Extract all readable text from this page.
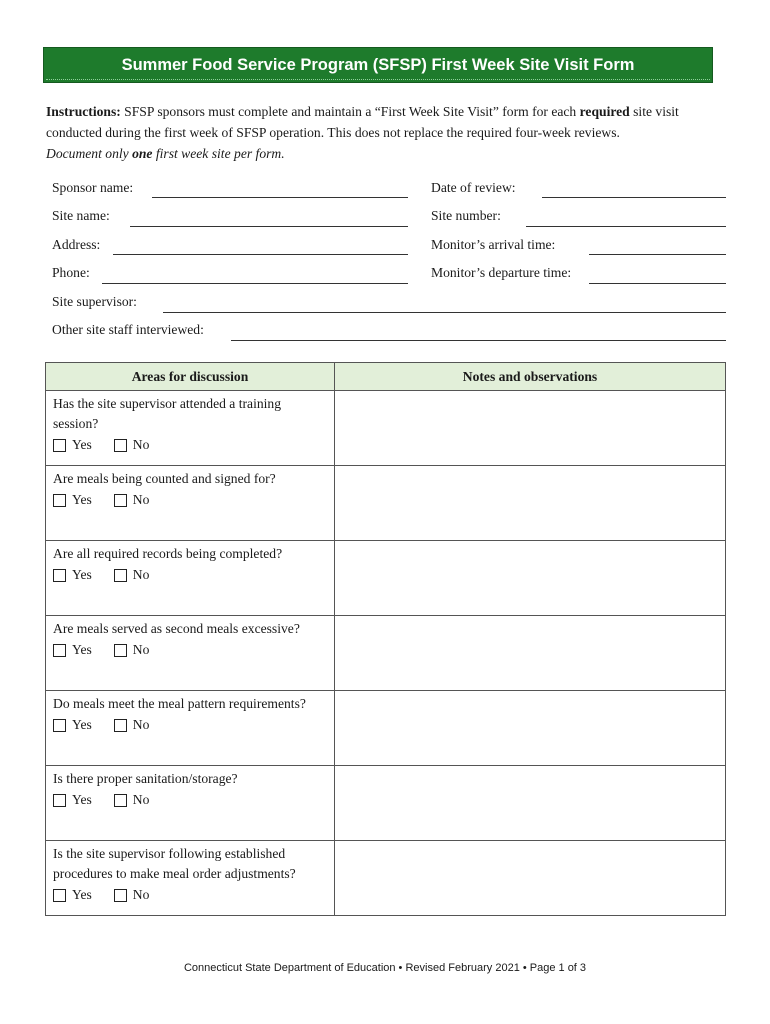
Summer Food Service Program (SFSP) First Week Site Visit Form
Instructions: SFSP sponsors must complete and maintain a “First Week Site Visit” form for each required site visit conducted during the first week of SFSP operation. This does not replace the required four-week reviews.
Document only one first week site per form.
Sponsor name:	Date of review:
Site name:	Site number:
Address:	Monitor’s arrival time:
Phone:	Monitor’s departure time:
Site supervisor:
Other site staff interviewed:
Areas for discussion	Notes and observations

Has the site supervisor attended a training session?
Yes No	

Are meals being counted and signed for?
Yes No	

Are all required records being completed?
Yes No	

Are meals served as second meals excessive?
Yes No	

Do meals meet the meal pattern requirements?
Yes No	

Is there proper sanitation/storage?
Yes No	

Is the site supervisor following established procedures to make meal order adjustments?
Yes No	

Connecticut State Department of Education • Revised February 2021 • Page 1 of 3
